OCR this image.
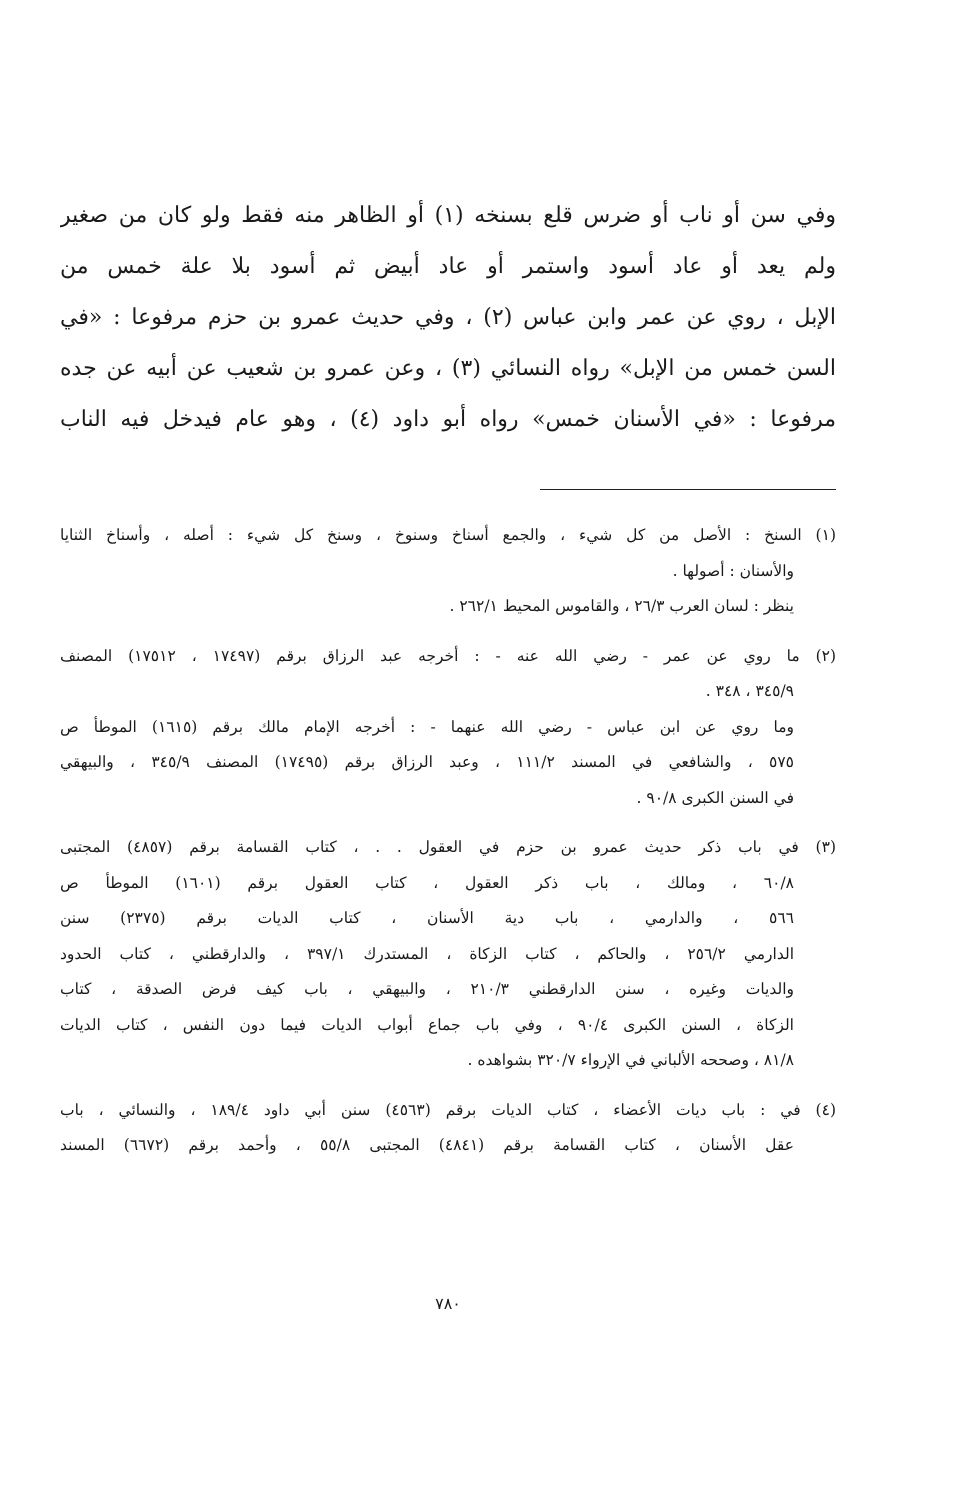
وفي سن أو ناب أو ضرس قلع بسنخه (١) أو الظاهر منه فقط ولو كان من صغير

ولم يعد أو عاد أسود واستمر أو عاد أبيض ثم أسود بلا علة خمس من

الإبل ، روي عن عمر وابن عباس (٢) ، وفي حديث عمرو بن حزم مرفوعا : «في

السن خمس من الإبل» رواه النسائي (٣) ، وعن عمرو بن شعيب عن أبيه عن جده

مرفوعا : «في الأسنان خمس» رواه أبو داود (٤) ، وهو عام فيدخل فيه الناب

(١) السنخ : الأصل من كل شيء ، والجمع أسناخ وسنوخ ، وسنخ كل شيء : أصله ، وأسناخ الثنايا

والأسنان : أصولها .

ينظر : لسان العرب ٢٦/٣ ، والقاموس المحيط ٢٦٢/١ .

(٢) ما روي عن عمر - رضي الله عنه - : أخرجه عبد الرزاق برقم (١٧٤٩٧ ، ١٧٥١٢) المصنف

٣٤٥/٩ ، ٣٤٨ .

وما روي عن ابن عباس - رضي الله عنهما - : أخرجه الإمام مالك برقم (١٦١٥) الموطأ ص

٥٧٥ ، والشافعي في المسند ١١١/٢ ، وعبد الرزاق برقم (١٧٤٩٥) المصنف ٣٤٥/٩ ، والبيهقي

في السنن الكبرى ٩٠/٨ .

(٣) في باب ذكر حديث عمرو بن حزم في العقول . . ، كتاب القسامة برقم (٤٨٥٧) المجتبى

٦٠/٨ ، ومالك ، باب ذكر العقول ، كتاب العقول برقم (١٦٠١) الموطأ ص

٥٦٦ ، والدارمي ، باب دية الأسنان ، كتاب الديات برقم (٢٣٧٥) سنن

الدارمي ٢٥٦/٢ ، والحاكم ، كتاب الزكاة ، المستدرك ٣٩٧/١ ، والدارقطني ، كتاب الحدود

والديات وغيره ، سنن الدارقطني ٢١٠/٣ ، والبيهقي ، باب كيف فرض الصدقة ، كتاب

الزكاة ، السنن الكبرى ٩٠/٤ ، وفي باب جماع أبواب الديات فيما دون النفس ، كتاب الديات

٨١/٨ ، وصححه الألباني في الإرواء ٣٢٠/٧ بشواهده .

(٤) في : باب ديات الأعضاء ، كتاب الديات برقم (٤٥٦٣) سنن أبي داود ١٨٩/٤ ، والنسائي ، باب

عقل الأسنان ، كتاب القسامة برقم (٤٨٤١) المجتبى ٥٥/٨ ، وأحمد برقم (٦٦٧٢) المسند

٧٨٠
